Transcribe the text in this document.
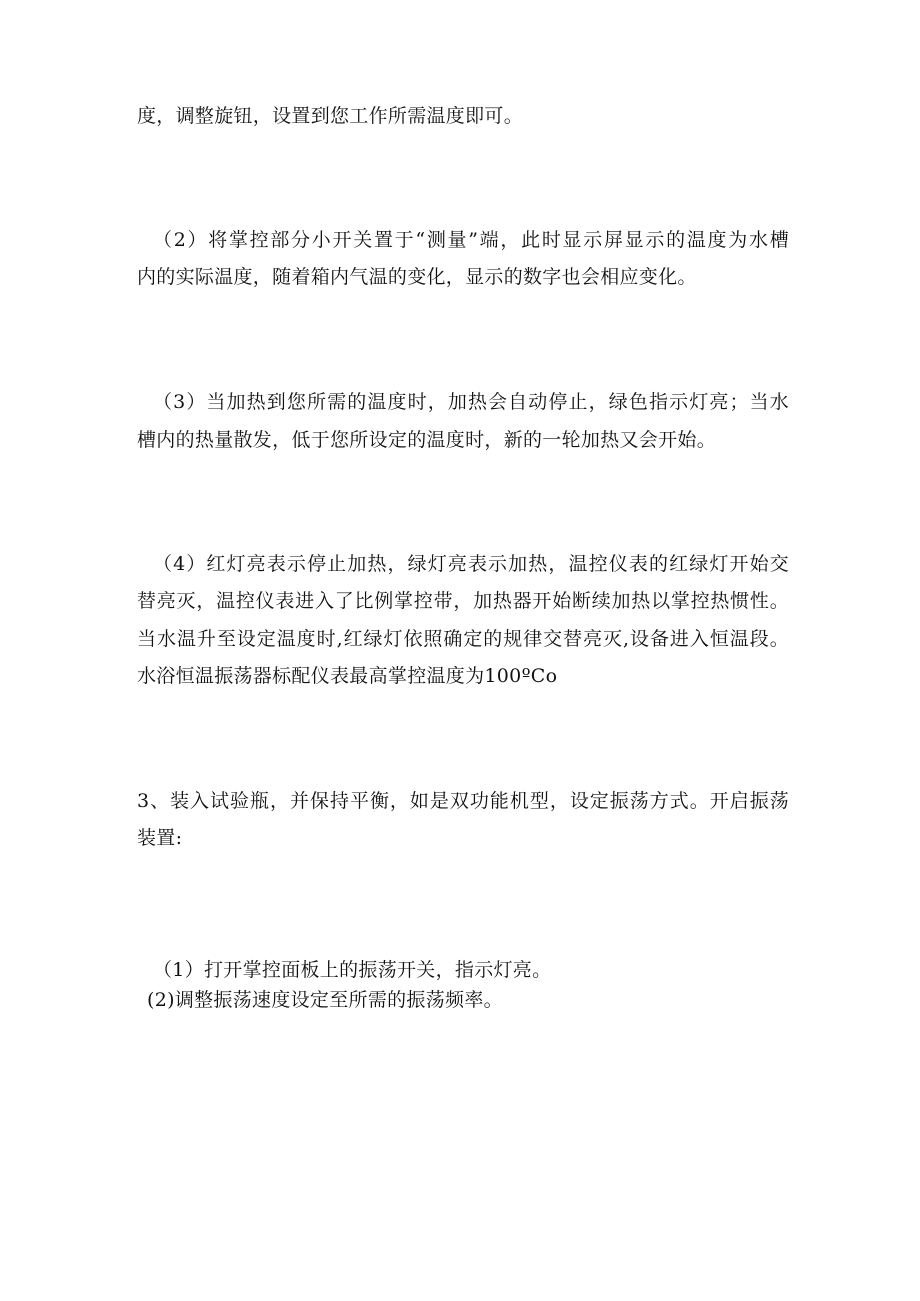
度，调整旋钮，设置到您工作所需温度即可。
（2）将掌控部分小开关置于“测量”端，此时显示屏显示的温度为水槽
内的实际温度，随着箱内气温的变化，显示的数字也会相应变化。
（3）当加热到您所需的温度时，加热会自动停止，绿色指示灯亮；当水
槽内的热量散发，低于您所设定的温度时，新的一轮加热又会开始。
（4）红灯亮表示停止加热，绿灯亮表示加热，温控仪表的红绿灯开始交
替亮灭，温控仪表进入了比例掌控带，加热器开始断续加热以掌控热惯性。
当水温升至设定温度时,红绿灯依照确定的规律交替亮灭,设备进入恒温段。
水浴恒温振荡器标配仪表最高掌控温度为100ºCo
3、装入试验瓶，并保持平衡，如是双功能机型，设定振荡方式。开启振荡
装置:
（1）打开掌控面板上的振荡开关，指示灯亮。
(2)调整振荡速度设定至所需的振荡频率。
